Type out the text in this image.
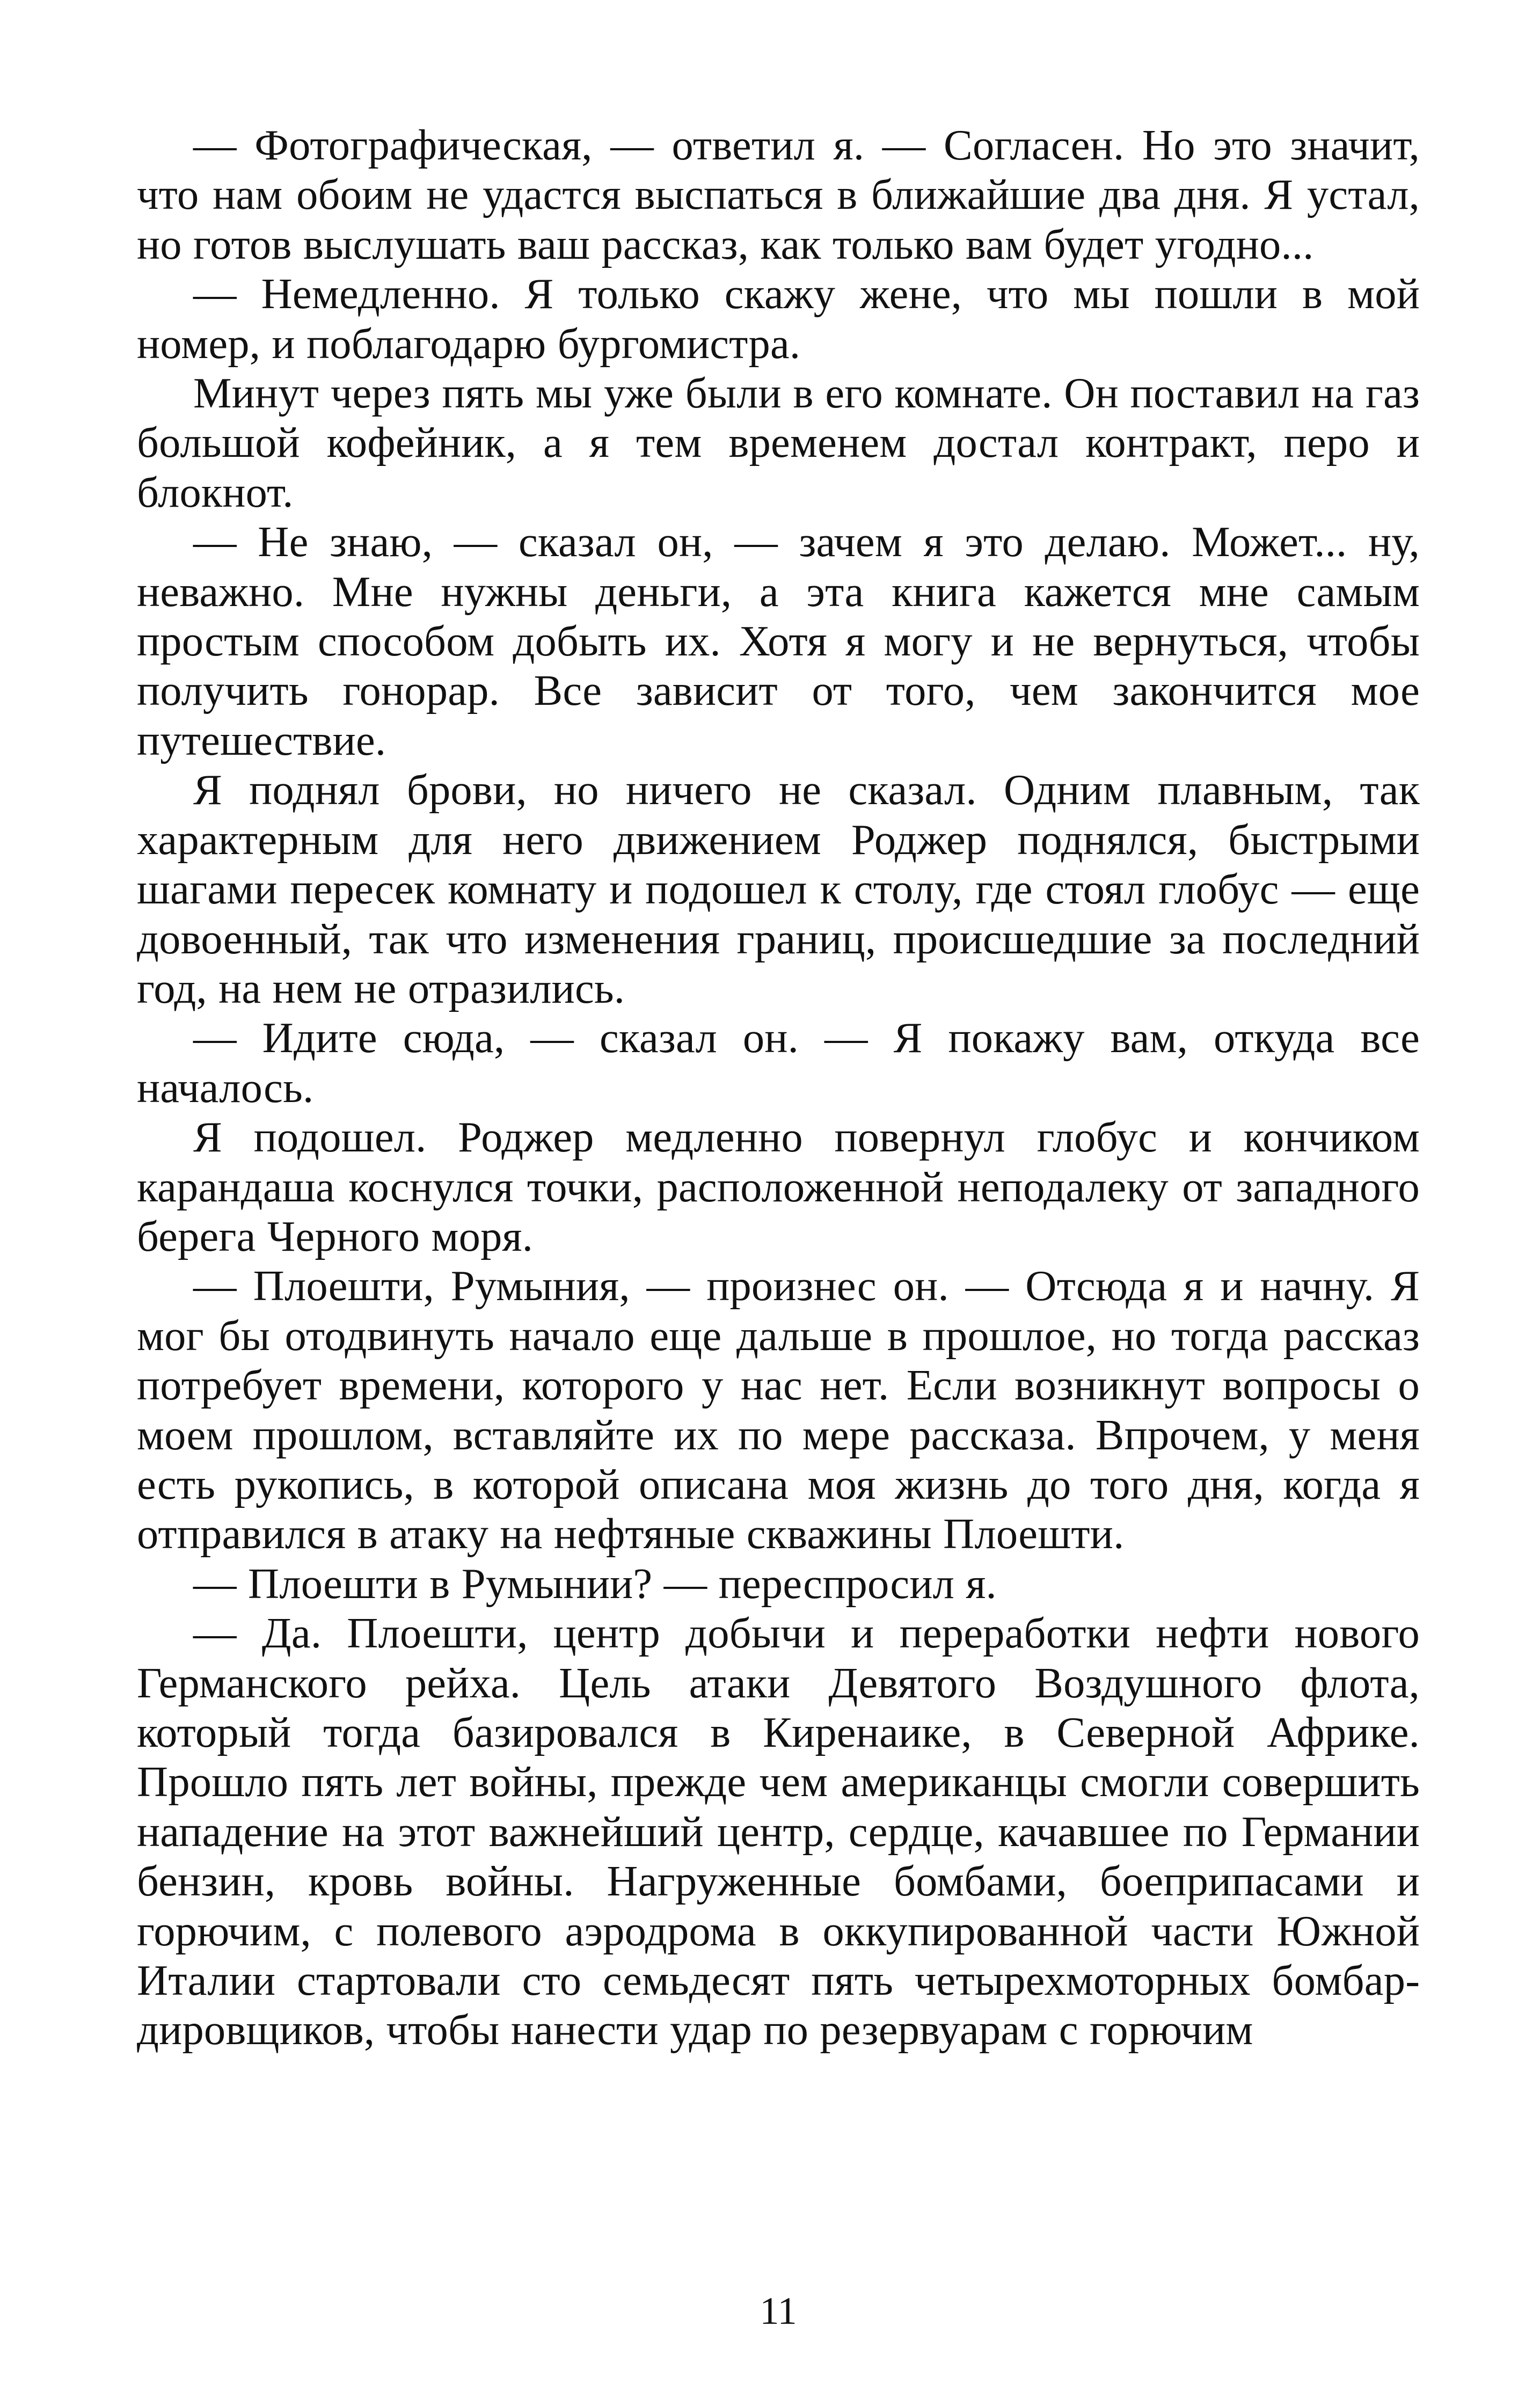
— Фотографическая, — ответил я. — Согласен. Но это значит, что нам обоим не удастся выспаться в ближайшие два дня. Я устал, но готов выслушать ваш рассказ, как только вам будет угодно...

— Немедленно. Я только скажу жене, что мы пошли в мой номер, и поблагодарю бургомистра.

Минут через пять мы уже были в его комнате. Он поставил на газ большой кофейник, а я тем временем достал контракт, перо и блокнот.

— Не знаю, — сказал он, — зачем я это делаю. Может... ну, неважно. Мне нужны деньги, а эта книга кажется мне самым простым способом добыть их. Хотя я могу и не вернуться, чтобы получить гонорар. Все зависит от того, чем закончится мое путешествие.

Я поднял брови, но ничего не сказал. Одним плавным, так характерным для него движением Роджер поднялся, быстрыми шагами пересек комнату и подошел к столу, где стоял глобус — еще довоенный, так что изменения границ, происшедшие за последний год, на нем не отразились.

— Идите сюда, — сказал он. — Я покажу вам, откуда все началось.

Я подошел. Роджер медленно повернул глобус и кончиком карандаша коснулся точки, расположенной неподалеку от западного берега Черного моря.

— Плоешти, Румыния, — произнес он. — Отсюда я и начну. Я мог бы отодвинуть начало еще дальше в прошлое, но тогда рассказ потребует времени, которого у нас нет. Если возникнут вопросы о моем прошлом, вставляйте их по мере рассказа. Впрочем, у меня есть рукопись, в которой описана моя жизнь до того дня, когда я отправился в атаку на нефтяные скважины Плоешти.

— Плоешти в Румынии? — переспросил я.

— Да. Плоешти, центр добычи и переработки нефти нового Германского рейха. Цель атаки Девятого Воздушного флота, который тогда базировался в Киренаике, в Северной Африке. Прошло пять лет войны, прежде чем американцы смогли совершить нападение на этот важнейший центр, сердце, качавшее по Германии бензин, кровь войны. Нагруженные бомбами, боеприпасами и горючим, с полевого аэродрома в оккупированной части Южной Италии стартовали сто семьдесят пять четырехмоторных бомбардировщиков, чтобы нанести удар по резервуарам с горючим

11
